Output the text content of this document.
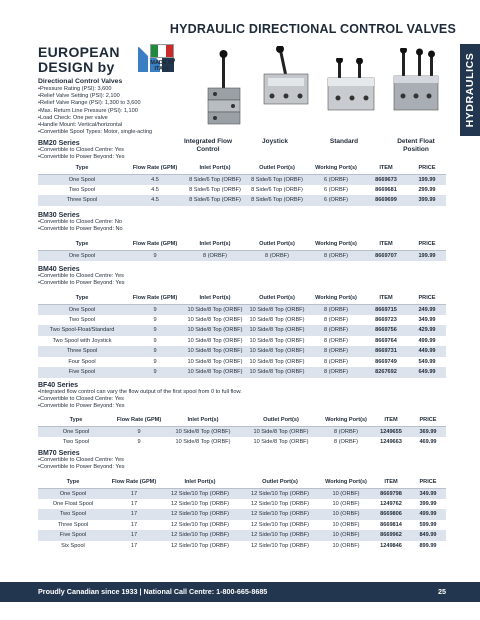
HYDRAULIC DIRECTIONAL CONTROL VALVES
HYDRAULICS
EUROPEAN
DESIGN by	MADE IN ITALY
Directional Control Valves
•Pressure Rating (PSI): 3,600
•Relief Valve Setting (PSI): 2,100
•Relief Valve Range (PSI): 1,300 to 3,600
•Max. Return Line Pressure (PSI): 1,100
•Load Check: One per valve
•Handle Mount: Vertical/horizontal
•Convertible Spool Types: Motor, single-acting
Integrated Flow Control
Joystick	Standard	Detent Float Position
BM20 Series
•Convertible to Closed Centre: Yes
•Convertible to Power Beyond: Yes
Type	Flow Rate (GPM)	Inlet Port(s)	Outlet Port(s)	Working Port(s)	ITEM	PRICE
One Spool	4.5	8 Side/6 Top (ORBF)	8 Side/6 Top (ORBF)	6 (ORBF)	8669673	199.99
Two Spool	4.5	8 Side/6 Top (ORBF)	8 Side/6 Top (ORBF)	6 (ORBF)	8669681	299.99
Three Spool	4.5	8 Side/6 Top (ORBF)	8 Side/6 Top (ORBF)	6 (ORBF)	8669699	399.99
BM30 Series
•Convertible to Closed Centre: No
•Convertible to Power Beyond: No
Type	Flow Rate (GPM)	Inlet Port(s)	Outlet Port(s)	Working Port(s)	ITEM	PRICE
One Spool	9	8 (ORBF)	8 (ORBF)	8 (ORBF)	8669707	199.99
BM40 Series
•Convertible to Closed Centre: Yes
•Convertible to Power Beyond: Yes
Type	Flow Rate (GPM)	Inlet Port(s)	Outlet Port(s)	Working Port(s)	ITEM	PRICE
One Spool	9	10 Side/8 Top (ORBF)	10 Side/8 Top (ORBF)	8 (ORBF)	8669715	249.99
Two Spool	9	10 Side/8 Top (ORBF)	10 Side/8 Top (ORBF)	8 (ORBF)	8669723	349.99
Two Spool-Float/Standard	9	10 Side/8 Top (ORBF)	10 Side/8 Top (ORBF)	8 (ORBF)	8669756	429.99
Two Spool with Joystick	9	10 Side/8 Top (ORBF)	10 Side/8 Top (ORBF)	8 (ORBF)	8669764	499.99
Three Spool	9	10 Side/8 Top (ORBF)	10 Side/8 Top (ORBF)	8 (ORBF)	8669731	449.99
Four Spool	9	10 Side/8 Top (ORBF)	10 Side/8 Top (ORBF)	8 (ORBF)	8669749	549.99
Five Spool	9	10 Side/8 Top (ORBF)	10 Side/8 Top (ORBF)	8 (ORBF)	8267692	649.99
BF40 Series
•Integrated flow control can vary the flow output of the first spool from 0 to full flow.
•Convertible to Closed Centre: Yes
•Convertible to Power Beyond: Yes
Type	Flow Rate (GPM)	Inlet Port(s)	Outlet Port(s)	Working Port(s)	ITEM	PRICE
One Spool	9	10 Side/8 Top (ORBF)	10 Side/8 Top (ORBF)	8 (ORBF)	1249655	369.99
Two Spool	9	10 Side/8 Top (ORBF)	10 Side/8 Top (ORBF)	8 (ORBF)	1249663	469.99
BM70 Series
•Convertible to Closed Centre: Yes
•Convertible to Power Beyond: Yes
Type	Flow Rate (GPM)	Inlet Port(s)	Outlet Port(s)	Working Port(s)	ITEM	PRICE
One Spool	17	12 Side/10 Top (ORBF)	12 Side/10 Top (ORBF)	10 (ORBF)	8669798	349.99
One Float Spool	17	12 Side/10 Top (ORBF)	12 Side/10 Top (ORBF)	10 (ORBF)	1249762	399.99
Two Spool	17	12 Side/10 Top (ORBF)	12 Side/10 Top (ORBF)	10 (ORBF)	8669806	499.99
Three Spool	17	12 Side/10 Top (ORBF)	12 Side/10 Top (ORBF)	10 (ORBF)	8669814	599.99
Five Spool	17	12 Side/10 Top (ORBF)	12 Side/10 Top (ORBF)	10 (ORBF)	8669962	849.99
Six Spool	17	12 Side/10 Top (ORBF)	12 Side/10 Top (ORBF)	10 (ORBF)	1249846	899.99
Proudly Canadian since 1933 | National Call Centre: 1-800-665-8685	25
